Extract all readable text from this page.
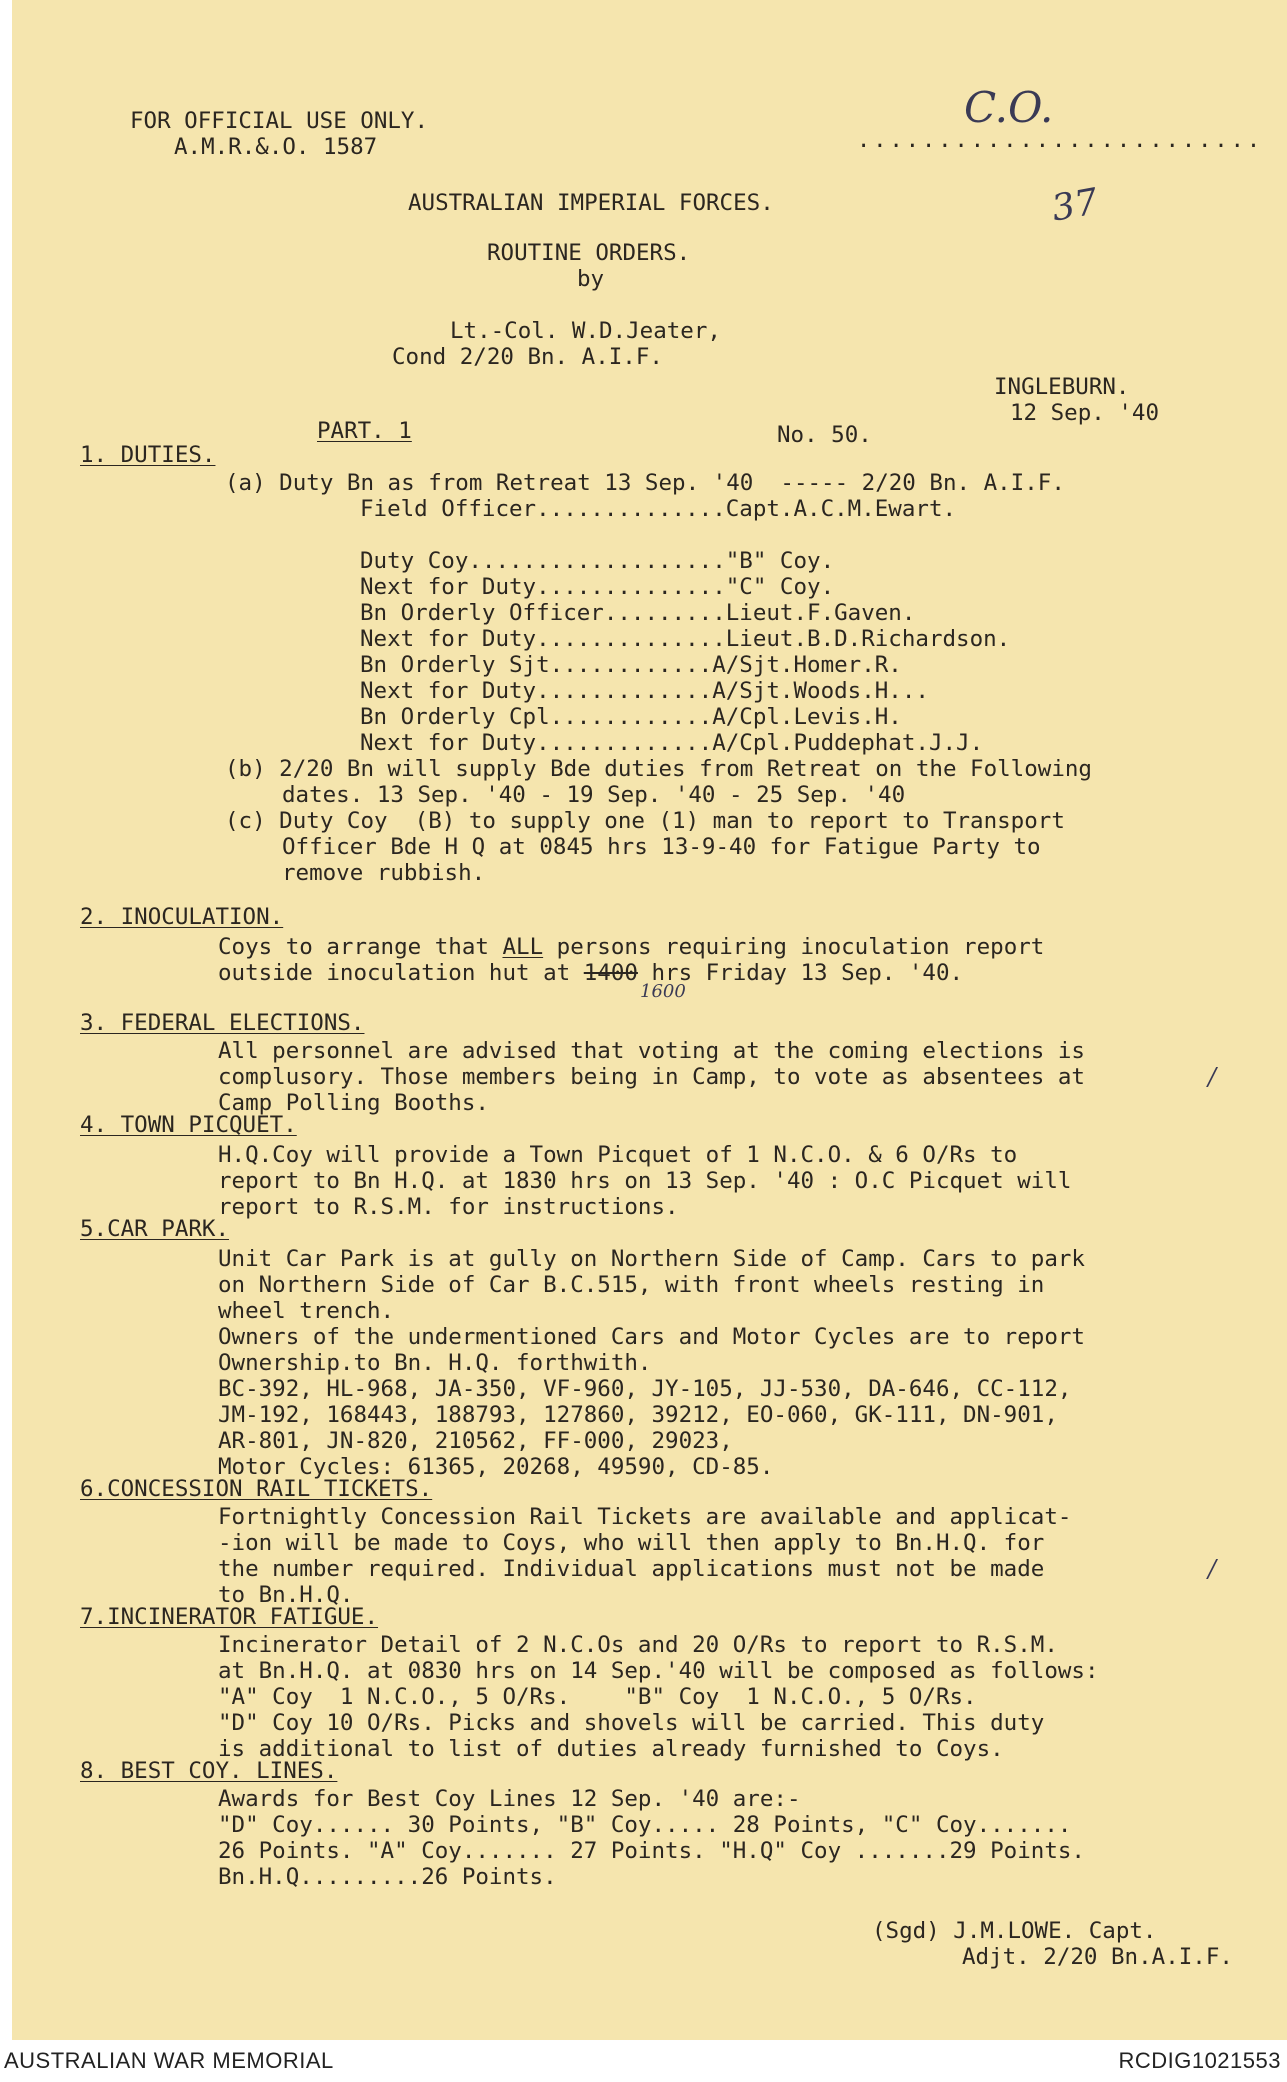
FOR OFFICIAL USE ONLY.
A.M.R.&.O. 1587
C.O.
.........................
37
AUSTRALIAN IMPERIAL FORCES.
ROUTINE ORDERS.
by
Lt.-Col. W.D.Jeater,
Cond 2/20 Bn. A.I.F.
INGLEBURN.
12 Sep. '40
PART. 1	No. 50.
1. DUTIES.
(a) Duty Bn as from Retreat 13 Sep. '40  ----- 2/20 Bn. A.I.F.
Field Officer..............Capt.A.C.M.Ewart.
Duty Coy..................."B" Coy.
Next for Duty.............."C" Coy.
Bn Orderly Officer.........Lieut.F.Gaven.
Next for Duty..............Lieut.B.D.Richardson.
Bn Orderly Sjt............A/Sjt.Homer.R.
Next for Duty.............A/Sjt.Woods.H...
Bn Orderly Cpl............A/Cpl.Levis.H.
Next for Duty.............A/Cpl.Puddephat.J.J.
(b) 2/20 Bn will supply Bde duties from Retreat on the Following
dates. 13 Sep. '40 - 19 Sep. '40 - 25 Sep. '40
(c) Duty Coy  (B) to supply one (1) man to report to Transport
Officer Bde H Q at 0845 hrs 13-9-40 for Fatigue Party to
remove rubbish.
2. INOCULATION.
Coys to arrange that ALL persons requiring inoculation report
outside inoculation hut at 1400 hrs Friday 13 Sep. '40.
1600
3. FEDERAL ELECTIONS.
All personnel are advised that voting at the coming elections is
complusory. Those members being in Camp, to vote as absentees at
Camp Polling Booths.
4. TOWN PICQUET.
H.Q.Coy will provide a Town Picquet of 1 N.C.O. & 6 O/Rs to
report to Bn H.Q. at 1830 hrs on 13 Sep. '40 : O.C Picquet will
report to R.S.M. for instructions.
5.CAR PARK.
Unit Car Park is at gully on Northern Side of Camp. Cars to park
on Northern Side of Car B.C.515, with front wheels resting in
wheel trench.
Owners of the undermentioned Cars and Motor Cycles are to report
Ownership.to Bn. H.Q. forthwith.
BC-392, HL-968, JA-350, VF-960, JY-105, JJ-530, DA-646, CC-112,
JM-192, 168443, 188793, 127860, 39212, EO-060, GK-111, DN-901,
AR-801, JN-820, 210562, FF-000, 29023,
Motor Cycles: 61365, 20268, 49590, CD-85.
6.CONCESSION RAIL TICKETS.
Fortnightly Concession Rail Tickets are available and applicat-
-ion will be made to Coys, who will then apply to Bn.H.Q. for
the number required. Individual applications must not be made
to Bn.H.Q.
7.INCINERATOR FATIGUE.
Incinerator Detail of 2 N.C.Os and 20 O/Rs to report to R.S.M.
at Bn.H.Q. at 0830 hrs on 14 Sep.'40 will be composed as follows:
"A" Coy  1 N.C.O., 5 O/Rs.    "B" Coy  1 N.C.O., 5 O/Rs.
"D" Coy 10 O/Rs. Picks and shovels will be carried. This duty
is additional to list of duties already furnished to Coys.
8. BEST COY. LINES.
Awards for Best Coy Lines 12 Sep. '40 are:-
"D" Coy...... 30 Points, "B" Coy..... 28 Points, "C" Coy.......
26 Points. "A" Coy....... 27 Points. "H.Q" Coy .......29 Points.
Bn.H.Q.........26 Points.
(Sgd) J.M.LOWE. Capt.
Adjt. 2/20 Bn.A.I.F.
/
/
AUSTRALIAN WAR MEMORIAL	RCDIG1021553
